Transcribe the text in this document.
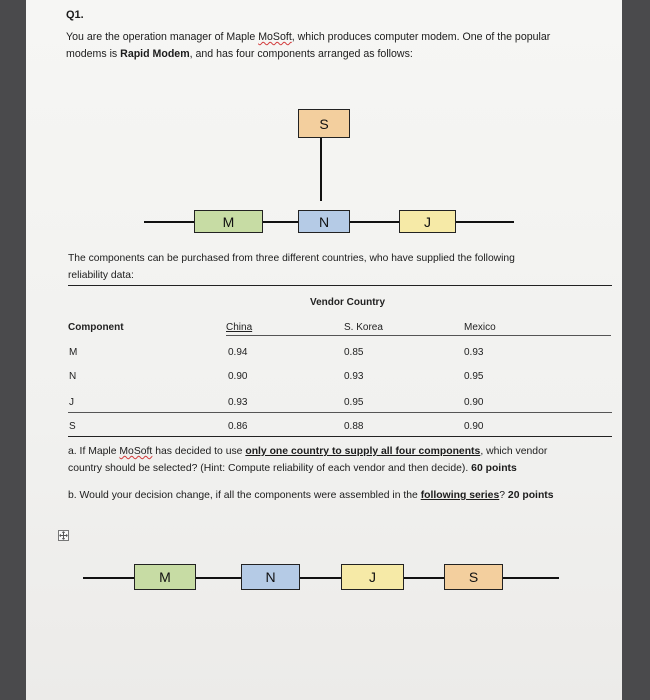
Q1.
You are the operation manager of Maple MoSoft, which produces computer modem. One of the popular
modems is Rapid Modem, and has four components arranged as follows:
S
M	N	J
The components can be purchased from three different countries, who have supplied the following
reliability data:
Vendor Country
Component	China	S. Korea	Mexico
M	0.94	0.85	0.93
N	0.90	0.93	0.95
J	0.93	0.95	0.90
S	0.86	0.88	0.90
a. If Maple MoSoft has decided to use only one country to supply all four components, which vendor
country should be selected? (Hint: Compute reliability of each vendor and then decide). 60 points
b. Would your decision change, if all the components were assembled in the following series? 20 points
M	N	J	S
